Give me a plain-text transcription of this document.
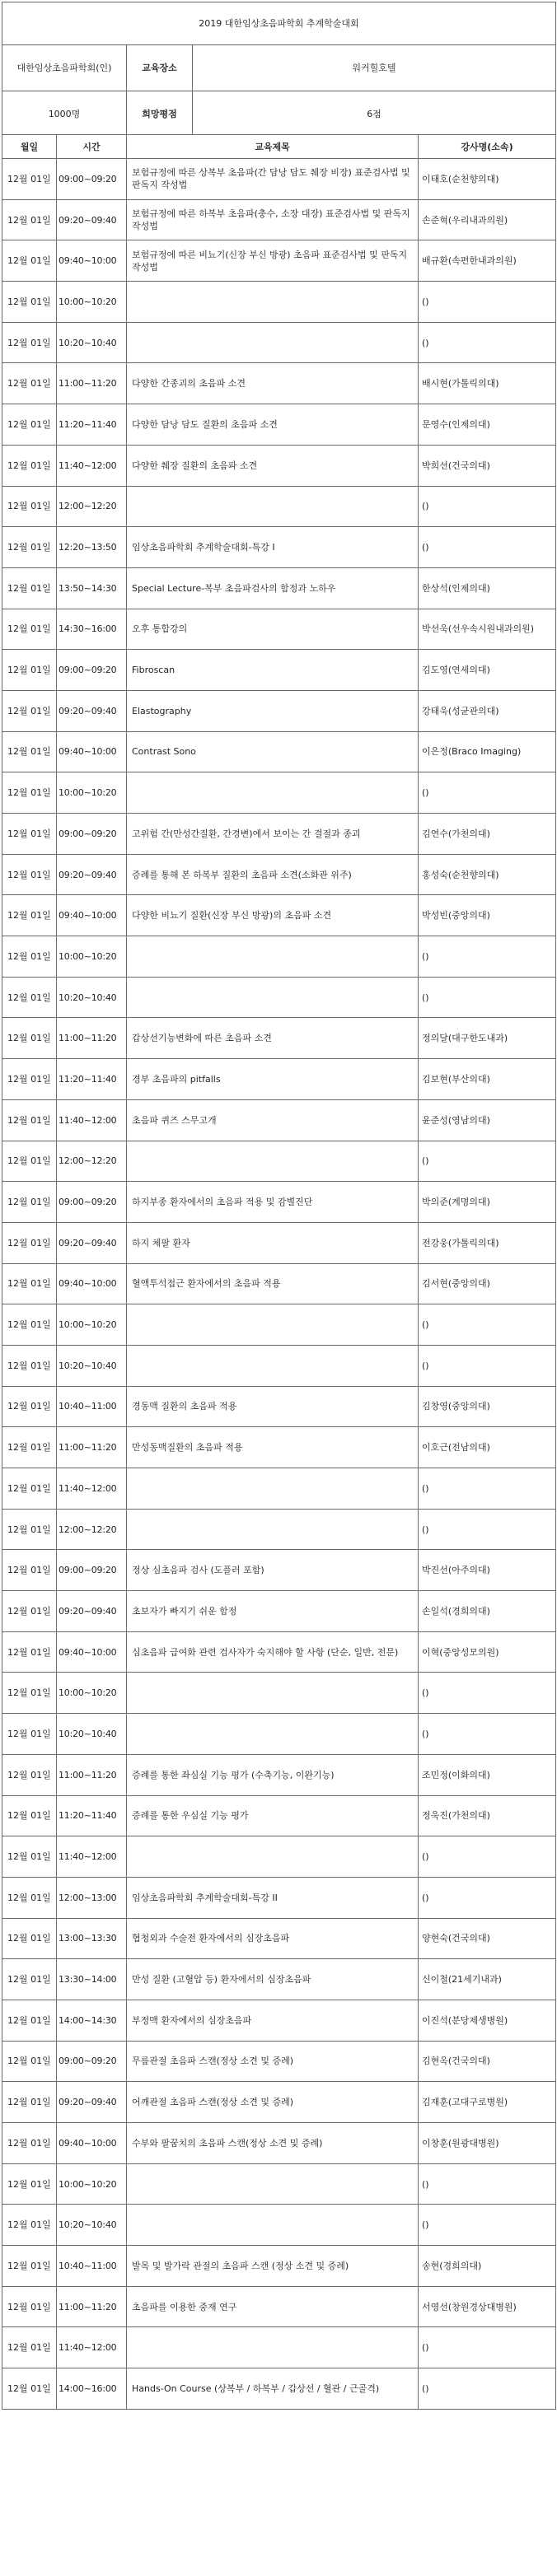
2019 대한임상초음파학회 추계학술대회		
대한임상초음파학회(인)	교육장소	워커힐호텔
1000명	희망평점	6점
월일	시간	교육제목	강사명(소속)
12월 01일	09:00~09:20	보험규정에 따른 상복부 초음파(간 담낭 담도 췌장 비장) 표준검사법 및 판독지 작성법	이태호(순천향의대)
12월 01일	09:20~09:40	보험규정에 따른 하복부 초음파(충수, 소장 대장) 표준검사법 및 판독지 작성법	손준혁(우리내과의원)
12월 01일	09:40~10:00	보험규정에 따른 비뇨기(신장 부신 방광) 초음파 표준검사법 및 판독지 작성법	배규환(속편한내과의원)
12월 01일	10:00~10:20		()
12월 01일	10:20~10:40		()
12월 01일	11:00~11:20	다양한 간종괴의 초음파 소견	배시현(가톨릭의대)
12월 01일	11:20~11:40	다양한 담낭 담도 질환의 초음파 소견	문영수(인제의대)
12월 01일	11:40~12:00	다양한 췌장 질환의 초음파 소견	박희선(건국의대)
12월 01일	12:00~12:20		()
12월 01일	12:20~13:50	임상초음파학회 추계학술대회-특강 I	()
12월 01일	13:50~14:30	Special Lecture-복부 초음파검사의 함정과 노하우	한상석(인제의대)
12월 01일	14:30~16:00	오후 통합강의	박선욱(선우속시원내과의원)
12월 01일	09:00~09:20	Fibroscan	김도영(연세의대)
12월 01일	09:20~09:40	Elastography	강태욱(성균관의대)
12월 01일	09:40~10:00	Contrast Sono	이은정(Braco Imaging)
12월 01일	10:00~10:20		()
12월 01일	09:00~09:20	고위험 간(만성간질환, 간경변)에서 보이는 간 결절과 종괴	김연수(가천의대)
12월 01일	09:20~09:40	증례를 통해 본 하복부 질환의 초음파 소견(소화관 위주)	홍성숙(순천향의대)
12월 01일	09:40~10:00	다양한 비뇨기 질환(신장 부신 방광)의 초음파 소견	박성빈(중앙의대)
12월 01일	10:00~10:20		()
12월 01일	10:20~10:40		()
12월 01일	11:00~11:20	갑상선기능변화에 따른 초음파 소견	정의달(대구한도내과)
12월 01일	11:20~11:40	경부 초음파의 pitfalls	김보현(부산의대)
12월 01일	11:40~12:00	초음파 퀴즈 스무고개	윤준성(영남의대)
12월 01일	12:00~12:20		()
12월 01일	09:00~09:20	하지부종 환자에서의 초음파 적용 및 감별진단	박의준(계명의대)
12월 01일	09:20~09:40	하지 체팔 환자	전강웅(가톨릭의대)
12월 01일	09:40~10:00	혈액투석접근 환자에서의 초음파 적용	김서현(중앙의대)
12월 01일	10:00~10:20		()
12월 01일	10:20~10:40		()
12월 01일	10:40~11:00	경동맥 질환의 초음파 적용	김창영(중앙의대)
12월 01일	11:00~11:20	만성동맥질환의 초음파 적용	이호근(전남의대)
12월 01일	11:40~12:00		()
12월 01일	12:00~12:20		()
12월 01일	09:00~09:20	정상 심초음파 검사 (도플러 포함)	박진선(아주의대)
12월 01일	09:20~09:40	초보자가 빠지기 쉬운 함정	손일석(경희의대)
12월 01일	09:40~10:00	심초음파 급여화 관련 검사자가 숙지해야 할 사항 (단순, 일반, 전문)	이혁(중앙성모의원)
12월 01일	10:00~10:20		()
12월 01일	10:20~10:40		()
12월 01일	11:00~11:20	증례를 통한 좌심실 기능 평가 (수축기능, 이완기능)	조민정(이화의대)
12월 01일	11:20~11:40	증례를 통한 우심실 기능 평가	정욱진(가천의대)
12월 01일	11:40~12:00		()
12월 01일	12:00~13:00	임상초음파학회 추계학술대회-특강 II	()
12월 01일	13:00~13:30	협청외과 수술전 환자에서의 심장초음파	양현숙(건국의대)
12월 01일	13:30~14:00	만성 질환 (고혈압 등) 환자에서의 심장초음파	신이철(21세기내과)
12월 01일	14:00~14:30	부정맥 환자에서의 심장초음파	이진석(분당제생병원)
12월 01일	09:00~09:20	무릎관절 초음파 스캔(정상 소견 및 증례)	김현옥(건국의대)
12월 01일	09:20~09:40	어깨관절 초음파 스캔(정상 소견 및 증례)	김재훈(고대구로병원)
12월 01일	09:40~10:00	수부와 팔꿈치의 초음파 스캔(정상 소견 및 증례)	이창훈(원광대병원)
12월 01일	10:00~10:20		()
12월 01일	10:20~10:40		()
12월 01일	10:40~11:00	발목 및 발가락 관절의 초음파 스캔 (정상 소견 및 증례)	송현(경희의대)
12월 01일	11:00~11:20	초음파를 이용한 중재 연구	서영선(창원경상대병원)
12월 01일	11:40~12:00		()
12월 01일	14:00~16:00	Hands-On Course (상복부 / 하복부 / 갑상선 / 혈관 / 근골격)	()
